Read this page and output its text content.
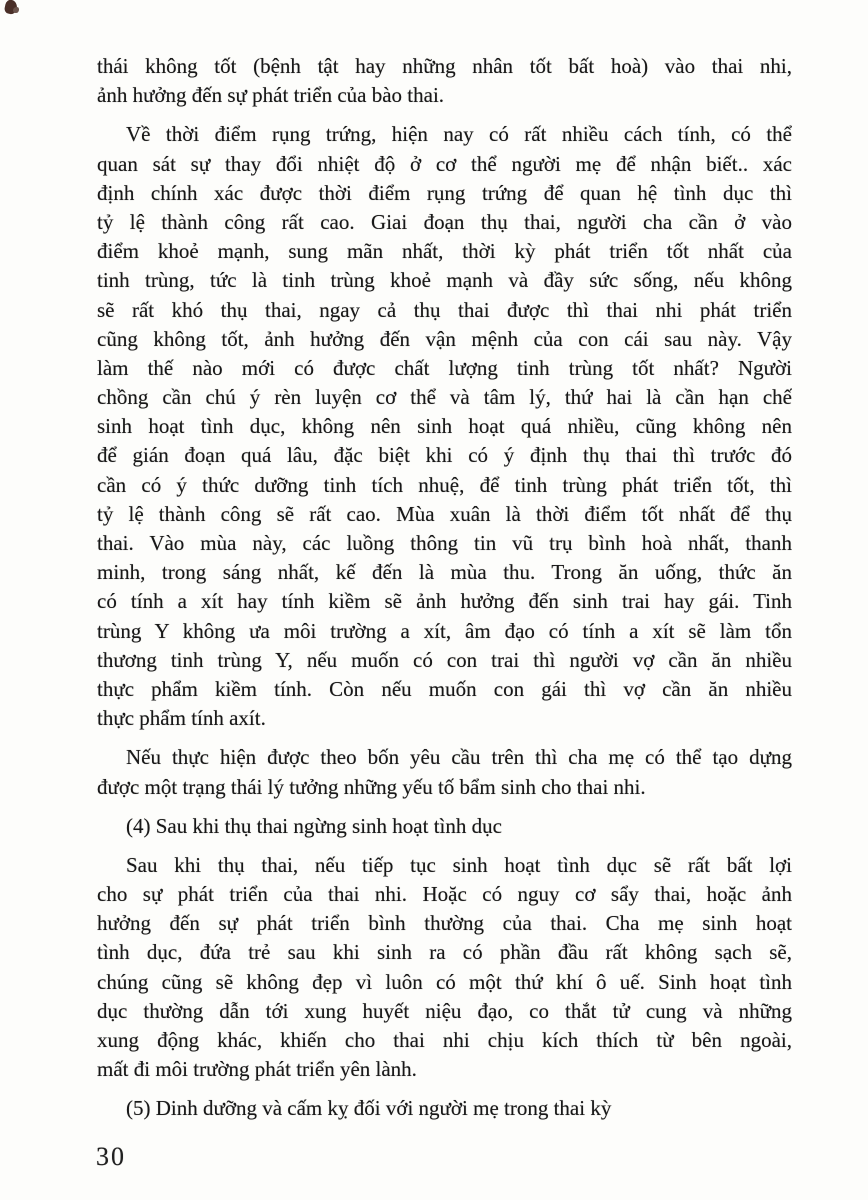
thái không tốt (bệnh tật hay những nhân tốt bất hoà) vào thai nhi,
ảnh hưởng đến sự phát triển của bào thai.
Về thời điểm rụng trứng, hiện nay có rất nhiều cách tính, có thể
quan sát sự thay đổi nhiệt độ ở cơ thể người mẹ để nhận biết.. xác
định chính xác được thời điểm rụng trứng để quan hệ tình dục thì
tỷ lệ thành công rất cao. Giai đoạn thụ thai, người cha cần ở vào
điểm khoẻ mạnh, sung mãn nhất, thời kỳ phát triển tốt nhất của
tinh trùng, tức là tinh trùng khoẻ mạnh và đầy sức sống, nếu không
sẽ rất khó thụ thai, ngay cả thụ thai được thì thai nhi phát triển
cũng không tốt, ảnh hưởng đến vận mệnh của con cái sau này. Vậy
làm thế nào mới có được chất lượng tinh trùng tốt nhất? Người
chồng cần chú ý rèn luyện cơ thể và tâm lý, thứ hai là cần hạn chế
sinh hoạt tình dục, không nên sinh hoạt quá nhiều, cũng không nên
để gián đoạn quá lâu, đặc biệt khi có ý định thụ thai thì trước đó
cần có ý thức dưỡng tinh tích nhuệ, để tinh trùng phát triển tốt, thì
tỷ lệ thành công sẽ rất cao. Mùa xuân là thời điểm tốt nhất để thụ
thai. Vào mùa này, các luồng thông tin vũ trụ bình hoà nhất, thanh
minh, trong sáng nhất, kế đến là mùa thu. Trong ăn uống, thức ăn
có tính a xít hay tính kiềm sẽ ảnh hưởng đến sinh trai hay gái. Tinh
trùng Y không ưa môi trường a xít, âm đạo có tính a xít sẽ làm tổn
thương tinh trùng Y, nếu muốn có con trai thì người vợ cần ăn nhiều
thực phẩm kiềm tính. Còn nếu muốn con gái thì vợ cần ăn nhiều
thực phẩm tính axít.
Nếu thực hiện được theo bốn yêu cầu trên thì cha mẹ có thể tạo dựng
được một trạng thái lý tưởng những yếu tố bẩm sinh cho thai nhi.
(4) Sau khi thụ thai ngừng sinh hoạt tình dục
Sau khi thụ thai, nếu tiếp tục sinh hoạt tình dục sẽ rất bất lợi
cho sự phát triển của thai nhi. Hoặc có nguy cơ sẩy thai, hoặc ảnh
hưởng đến sự phát triển bình thường của thai. Cha mẹ sinh hoạt
tình dục, đứa trẻ sau khi sinh ra có phần đầu rất không sạch sẽ,
chúng cũng sẽ không đẹp vì luôn có một thứ khí ô uế. Sinh hoạt tình
dục thường dẫn tới xung huyết niệu đạo, co thắt tử cung và những
xung động khác, khiến cho thai nhi chịu kích thích từ bên ngoài,
mất đi môi trường phát triển yên lành.
(5) Dinh dưỡng và cấm kỵ đối với người mẹ trong thai kỳ
30
